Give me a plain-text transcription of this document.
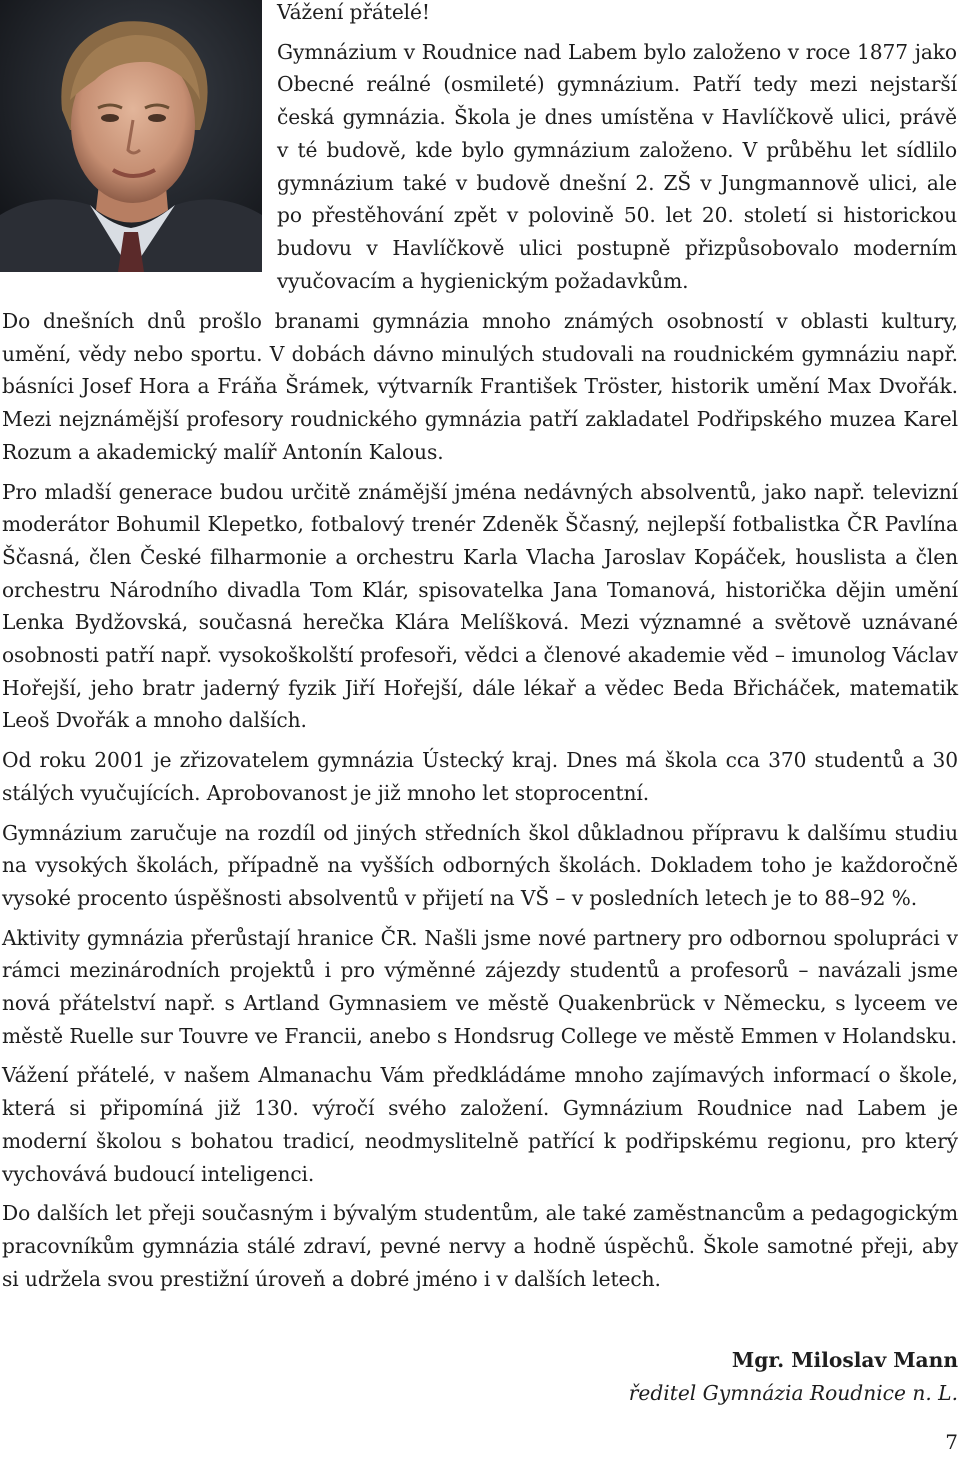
Vážení přátelé!

Gymnázium v Roudnice nad Labem bylo založeno v roce 1877 jako Obecné reálné (osmileté) gymnázium. Patří tedy mezi nejstarší česká gymnázia. Škola je dnes umístěna v Havlíčkově ulici, právě v té budově, kde bylo gymnázium založeno. V průběhu let sídlilo gymnázium také v budově dnešní 2. ZŠ v Jungmannově ulici, ale po přestěhování zpět v polovině 50. let 20. století si historickou budovu v Havlíčkově ulici postupně přizpůsobovalo moderním vyučovacím a hygienickým požadavkům.

Do dnešních dnů prošlo branami gymnázia mnoho známých osobností v oblasti kultury, umění, vědy nebo sportu. V dobách dávno minulých studovali na roudnickém gymnáziu např. básníci Josef Hora a Fráňa Šrámek, výtvarník František Tröster, historik umění Max Dvořák. Mezi nejznámější profesory roudnického gymnázia patří zakladatel Podřipského muzea Karel Rozum a akademický malíř Antonín Kalous.

Pro mladší generace budou určitě známější jména nedávných absolventů, jako např. televizní moderátor Bohumil Klepetko, fotbalový trenér Zdeněk Ščasný, nejlepší fotbalistka ČR Pavlína Ščasná, člen České filharmonie a orchestru Karla Vlacha Jaroslav Kopáček, houslista a člen orchestru Národního divadla Tom Klár, spisovatelka Jana Tomanová, historička dějin umění Lenka Bydžovská, současná herečka Klára Melíšková. Mezi významné a světově uznávané osobnosti patří např. vysokoškolští profesoři, vědci a členové akademie věd – imunolog Václav Hořejší, jeho bratr jaderný fyzik Jiří Hořejší, dále lékař a vědec Beda Břicháček, matematik Leoš Dvořák a mnoho dalších.

Od roku 2001 je zřizovatelem gymnázia Ústecký kraj. Dnes má škola cca 370 studentů a 30 stálých vyučujících. Aprobovanost je již mnoho let stoprocentní.

Gymnázium zaručuje na rozdíl od jiných středních škol důkladnou přípravu k dalšímu studiu na vysokých školách, případně na vyšších odborných školách. Dokladem toho je každoročně vysoké procento úspěšnosti absolventů v přijetí na VŠ – v posledních letech je to 88–92 %.

Aktivity gymnázia přerůstají hranice ČR. Našli jsme nové partnery pro odbornou spolupráci v rámci mezinárodních projektů i pro výměnné zájezdy studentů a profesorů – navázali jsme nová přátelství např. s Artland Gymnasiem ve městě Quakenbrück v Německu, s lyceem ve městě Ruelle sur Touvre ve Francii, anebo s Hondsrug College ve městě Emmen v Holandsku.

Vážení přátelé, v našem Almanachu Vám předkládáme mnoho zajímavých informací o škole, která si připomíná již 130. výročí svého založení. Gymnázium Roudnice nad Labem je moderní školou s bohatou tradicí, neodmyslitelně patřící k podřipskému regionu, pro který vychovává budoucí inteligenci.

Do dalších let přeji současným i bývalým studentům, ale také zaměstnancům a pedagogickým pracovníkům gymnázia stálé zdraví, pevné nervy a hodně úspěchů. Škole samotné přeji, aby si udržela svou prestižní úroveň a dobré jméno i v dalších letech.

Mgr. Miloslav Mann
ředitel Gymnázia Roudnice n. L.
7
